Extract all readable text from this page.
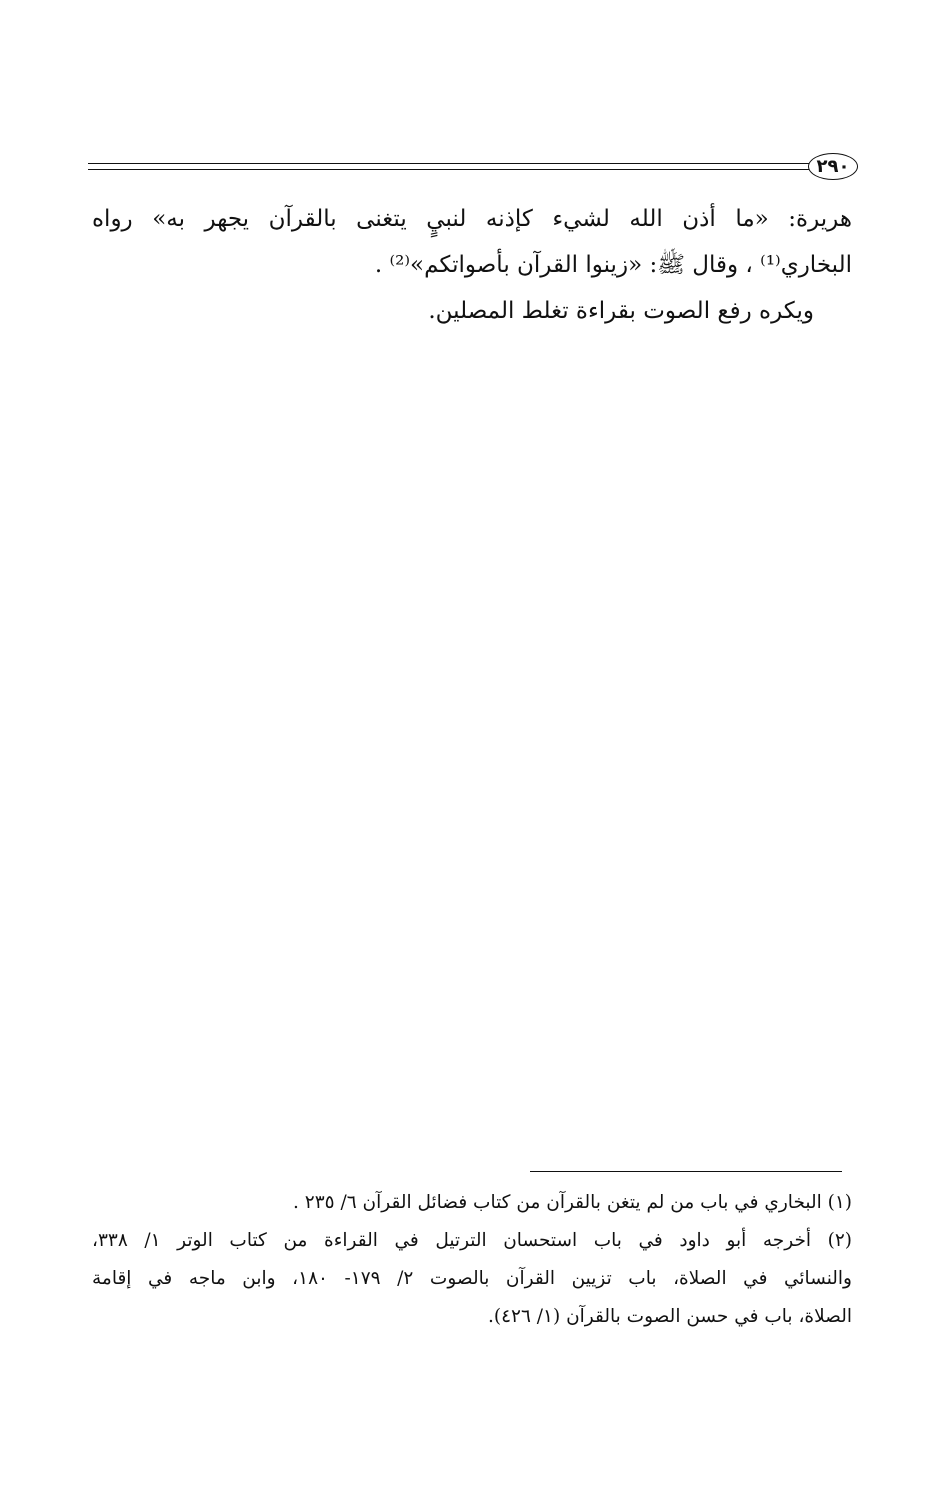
٢٩٠
هريرة: «ما أذن الله لشيء كإذنه لنبيٍ يتغنى بالقرآن يجهر به» رواه
البخاري⁽¹⁾ ، وقال ﷺ: «زينوا القرآن بأصواتكم»⁽²⁾ .
ويكره رفع الصوت بقراءة تغلط المصلين.
(١) البخاري في باب من لم يتغن بالقرآن من كتاب فضائل القرآن ٦/ ٢٣٥ .
(٢) أخرجه أبو داود في باب استحسان الترتيل في القراءة من كتاب الوتر ١/ ٣٣٨،
والنسائي في الصلاة، باب تزيين القرآن بالصوت ٢/ ١٧٩- ١٨٠، وابن ماجه في إقامة
الصلاة، باب في حسن الصوت بالقرآن (١/ ٤٢٦).
